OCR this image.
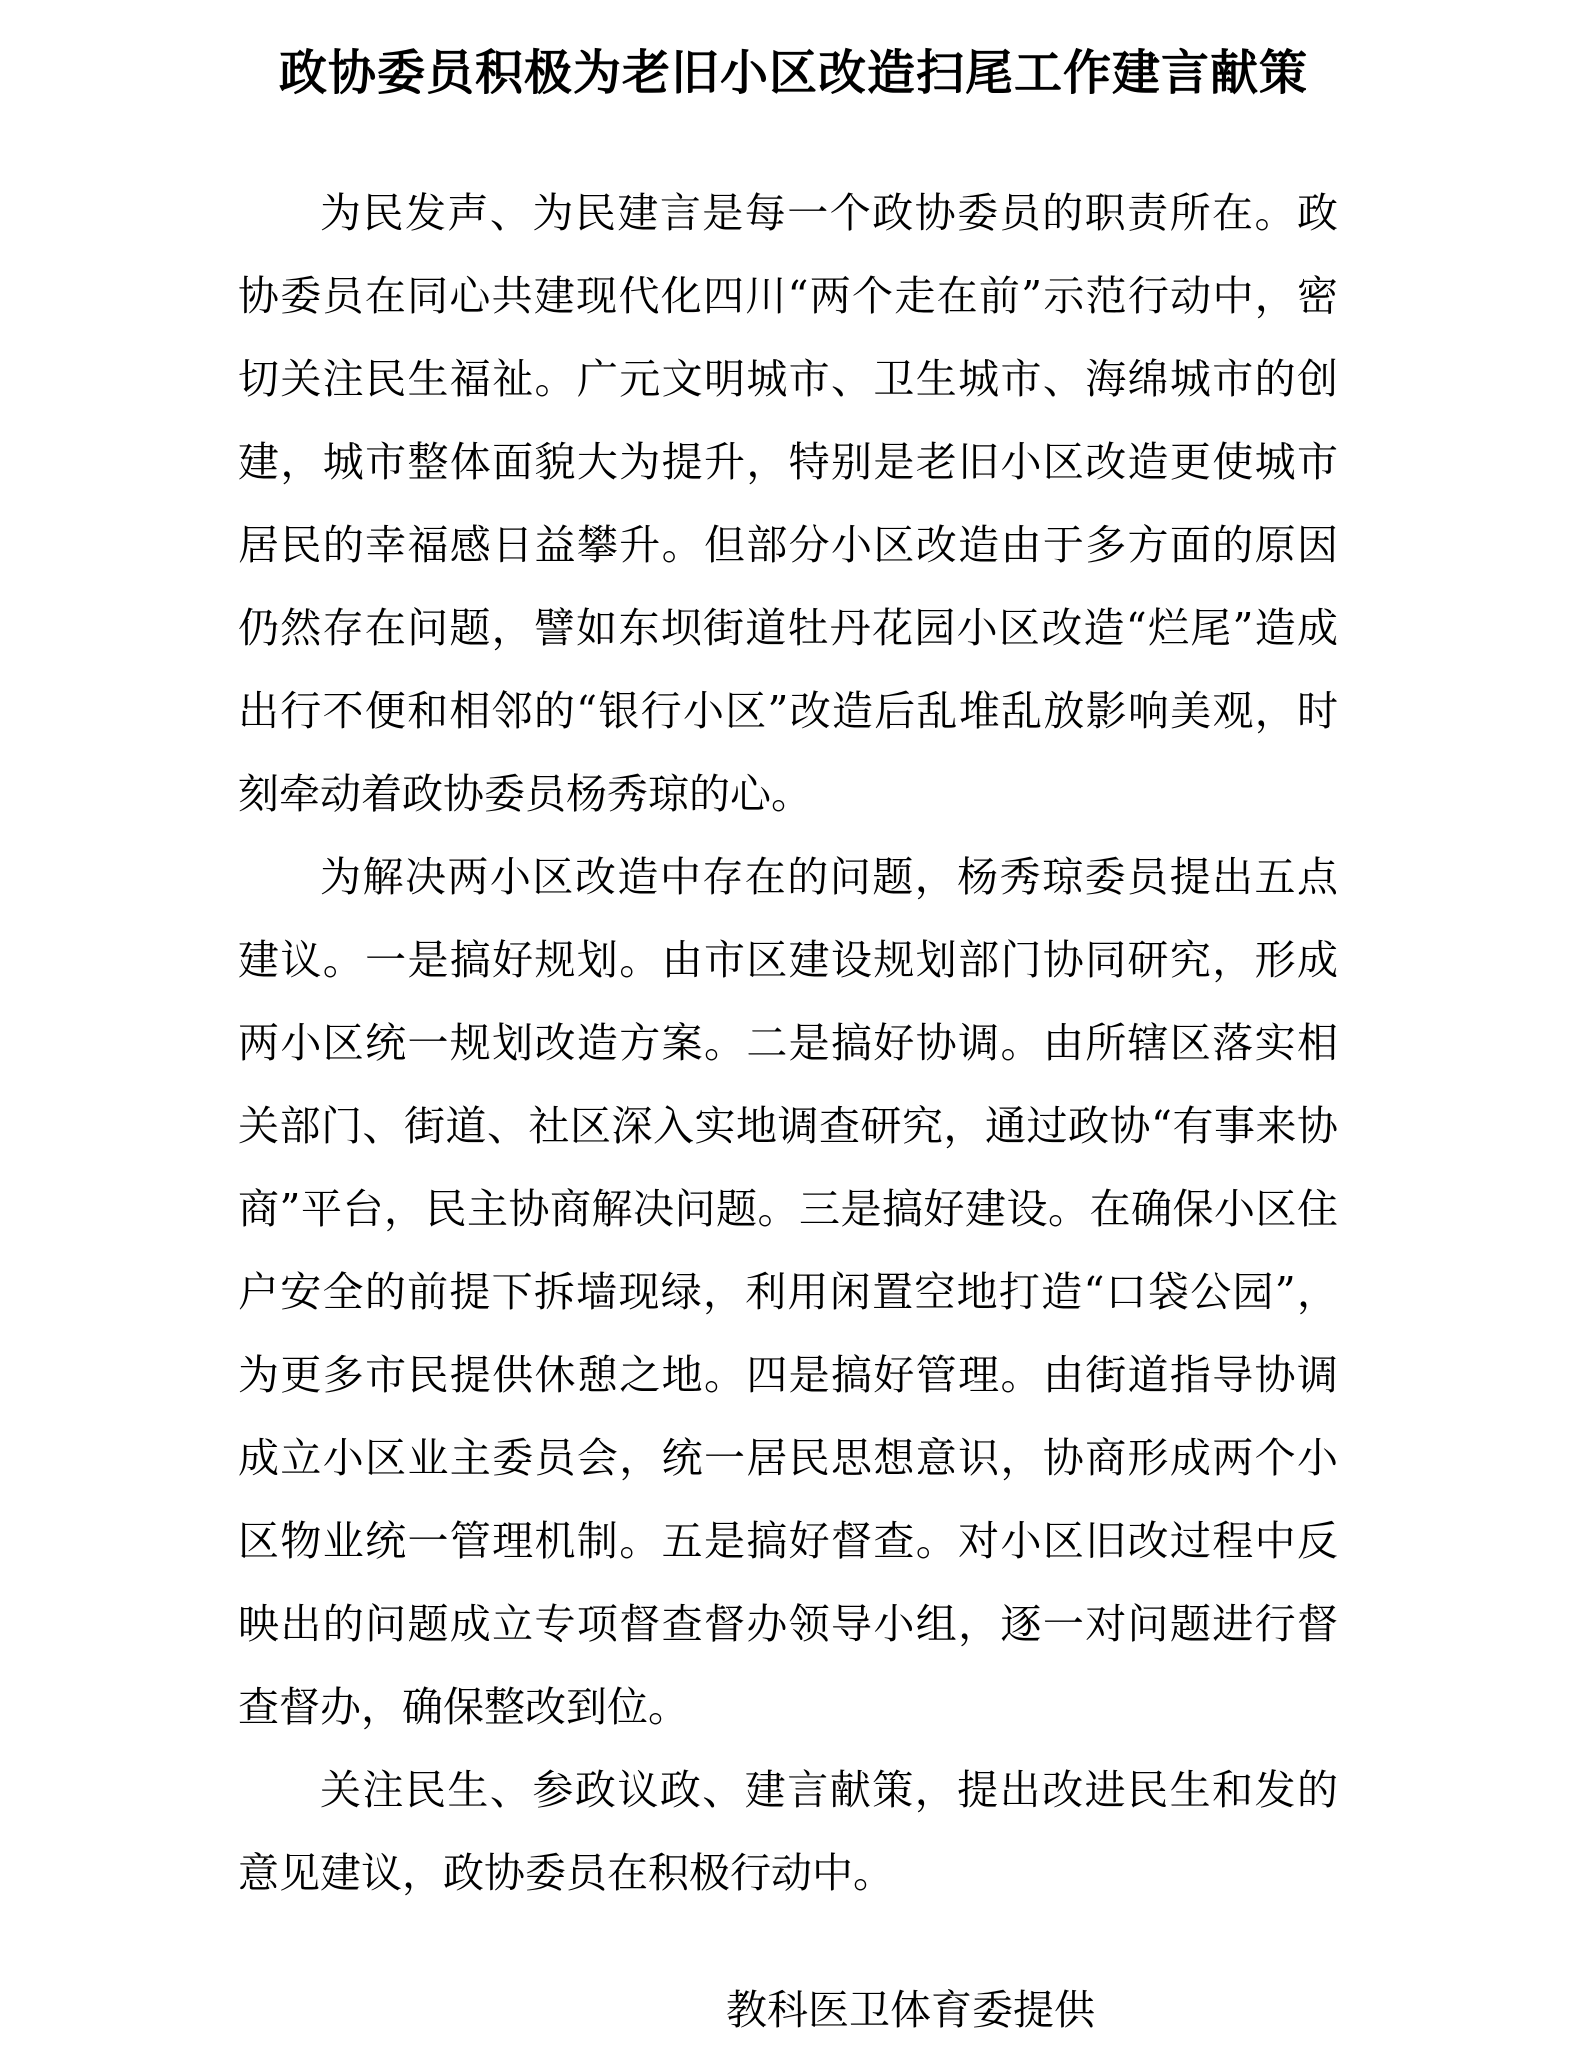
政协委员积极为老旧小区改造扫尾工作建言献策

为民发声、为民建言是每一个政协委员的职责所在。政协委员在同心共建现代化四川“两个走在前”示范行动中，密切关注民生福祉。广元文明城市、卫生城市、海绵城市的创建，城市整体面貌大为提升，特别是老旧小区改造更使城市居民的幸福感日益攀升。但部分小区改造由于多方面的原因仍然存在问题，譬如东坝街道牡丹花园小区改造“烂尾”造成出行不便和相邻的“银行小区”改造后乱堆乱放影响美观，时刻牵动着政协委员杨秀琼的心。

为解决两小区改造中存在的问题，杨秀琼委员提出五点建议。一是搞好规划。由市区建设规划部门协同研究，形成两小区统一规划改造方案。二是搞好协调。由所辖区落实相关部门、街道、社区深入实地调查研究，通过政协“有事来协商”平台，民主协商解决问题。三是搞好建设。在确保小区住户安全的前提下拆墙现绿，利用闲置空地打造“口袋公园”，为更多市民提供休憩之地。四是搞好管理。由街道指导协调成立小区业主委员会，统一居民思想意识，协商形成两个小区物业统一管理机制。五是搞好督查。对小区旧改过程中反映出的问题成立专项督查督办领导小组，逐一对问题进行督查督办，确保整改到位。

关注民生、参政议政、建言献策，提出改进民生和发的意见建议，政协委员在积极行动中。

教科医卫体育委提供
